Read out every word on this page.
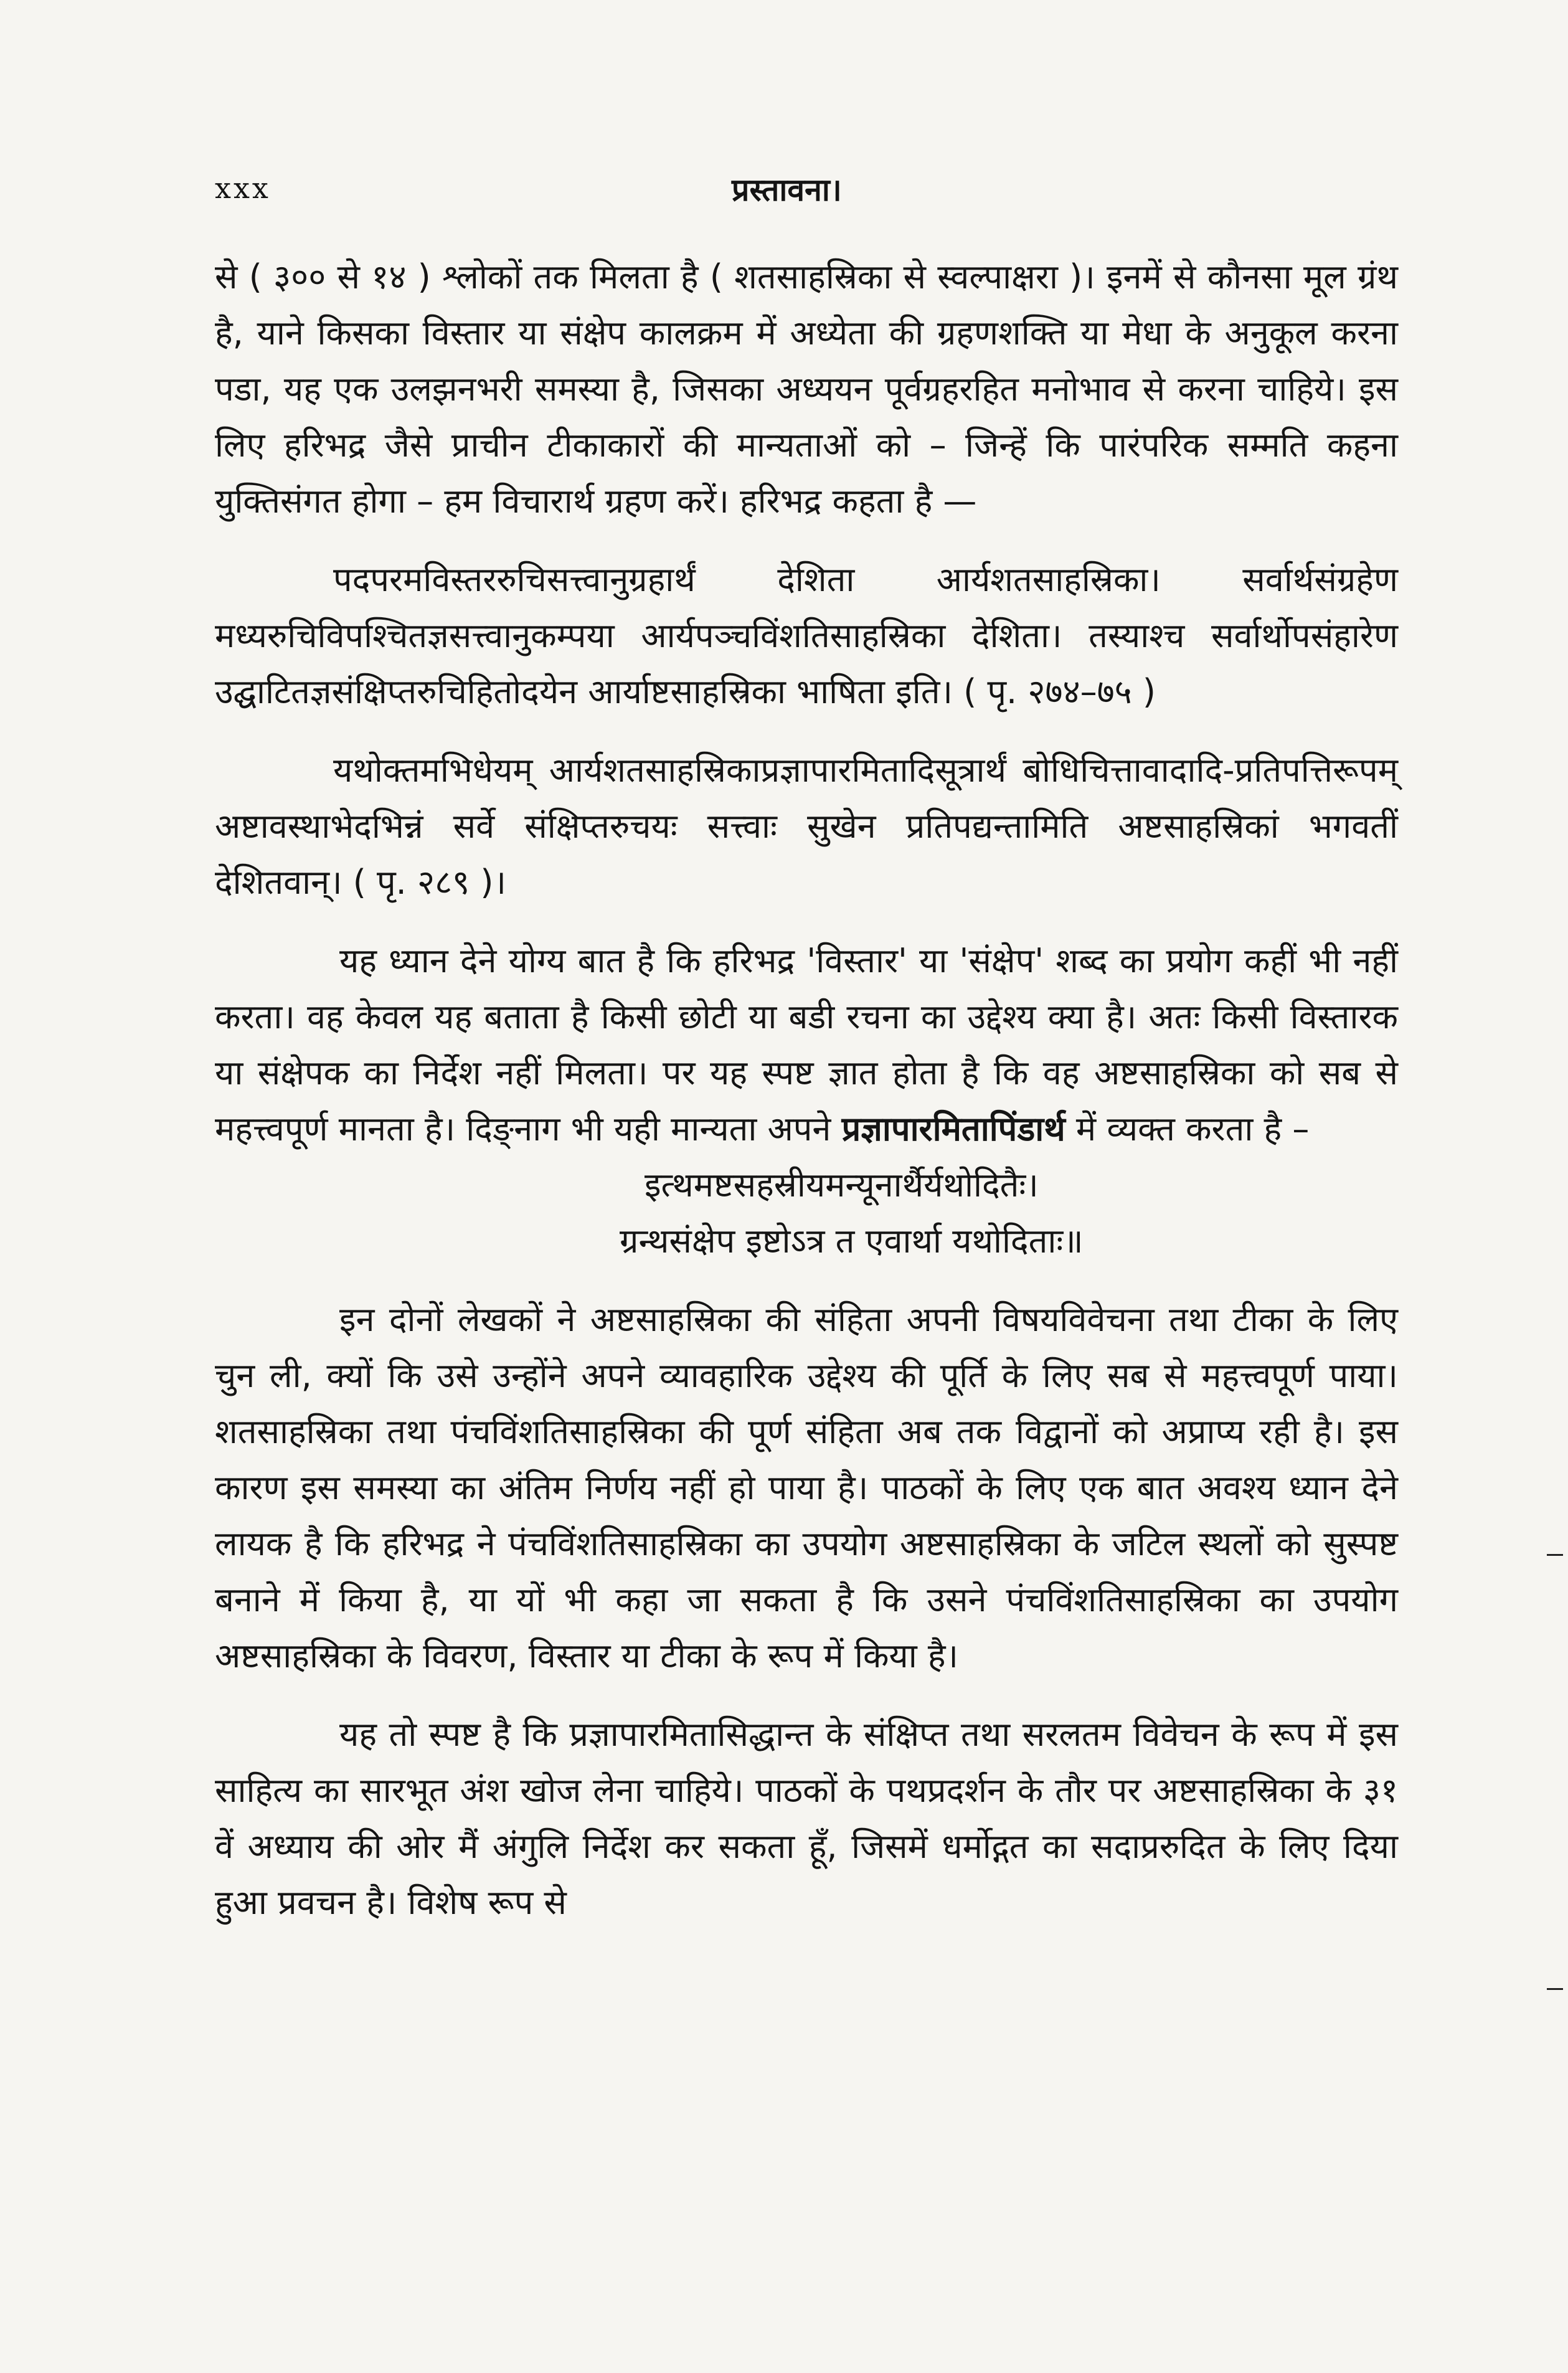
xxx	प्रस्तावना।

से ( ३०० से १४ ) श्लोकों तक मिलता है ( शतसाहस्रिका से स्वल्पाक्षरा )। इनमें से कौनसा मूल ग्रंथ है, याने किसका विस्तार या संक्षेप कालक्रम में अध्येता की ग्रहणशक्ति या मेधा के अनुकूल करना पडा, यह एक उलझनभरी समस्या है, जिसका अध्ययन पूर्वग्रहरहित मनोभाव से करना चाहिये। इस लिए हरिभद्र जैसे प्राचीन टीकाकारों की मान्यताओं को – जिन्हें कि पारंपरिक सम्मति कहना युक्तिसंगत होगा – हम विचारार्थ ग्रहण करें। हरिभद्र कहता है —

पदपरमविस्तररुचिसत्त्वानुग्रहार्थं देशिता आर्यशतसाहस्रिका। सर्वार्थसंग्रहेण मध्यरुचिविपश्चितज्ञसत्त्वानुकम्पया आर्यपञ्चविंशतिसाहस्रिका देशिता। तस्याश्च सर्वार्थोपसंहारेण उद्घाटितज्ञसंक्षिप्तरुचिहितोदयेन आर्याष्टसाहस्रिका भाषिता इति। ( पृ. २७४–७५ )

यथोक्तमभिधेयम् आर्यशतसाहस्रिकाप्रज्ञापारमितादिसूत्रार्थं बोधिचित्तावादादि-प्रतिपत्तिरूपम् अष्टावस्थाभेदभिन्नं सर्वे संक्षिप्तरुचयः सत्त्वाः सुखेन प्रतिपद्यन्तामिति अष्टसाहस्रिकां भगवतीं देशितवान्। ( पृ. २८९ )।

यह ध्यान देने योग्य बात है कि हरिभद्र 'विस्तार' या 'संक्षेप' शब्द का प्रयोग कहीं भी नहीं करता। वह केवल यह बताता है किसी छोटी या बडी रचना का उद्देश्य क्या है। अतः किसी विस्तारक या संक्षेपक का निर्देश नहीं मिलता। पर यह स्पष्ट ज्ञात होता है कि वह अष्टसाहस्रिका को सब से महत्त्वपूर्ण मानता है। दिङ्नाग भी यही मान्यता अपने प्रज्ञापारमितापिंडार्थ में व्यक्त करता है –

इत्थमष्टसहस्रीयमन्यूनार्थैर्यथोदितैः।

ग्रन्थसंक्षेप इष्टोऽत्र त एवार्था यथोदिताः॥

इन दोनों लेखकों ने अष्टसाहस्रिका की संहिता अपनी विषयविवेचना तथा टीका के लिए चुन ली, क्यों कि उसे उन्होंने अपने व्यावहारिक उद्देश्य की पूर्ति के लिए सब से महत्त्वपूर्ण पाया। शतसाहस्रिका तथा पंचविंशतिसाहस्रिका की पूर्ण संहिता अब तक विद्वानों को अप्राप्य रही है। इस कारण इस समस्या का अंतिम निर्णय नहीं हो पाया है। पाठकों के लिए एक बात अवश्य ध्यान देने लायक है कि हरिभद्र ने पंचविंशतिसाहस्रिका का उपयोग अष्टसाहस्रिका के जटिल स्थलों को सुस्पष्ट बनाने में किया है, या यों भी कहा जा सकता है कि उसने पंचविंशतिसाहस्रिका का उपयोग अष्टसाहस्रिका के विवरण, विस्तार या टीका के रूप में किया है।

यह तो स्पष्ट है कि प्रज्ञापारमितासिद्धान्त के संक्षिप्त तथा सरलतम विवेचन के रूप में इस साहित्य का सारभूत अंश खोज लेना चाहिये। पाठकों के पथप्रदर्शन के तौर पर अष्टसाहस्रिका के ३१ वें अध्याय की ओर मैं अंगुलि निर्देश कर सकता हूँ, जिसमें धर्मोद्गत का सदाप्ररुदित के लिए दिया हुआ प्रवचन है। विशेष रूप से
